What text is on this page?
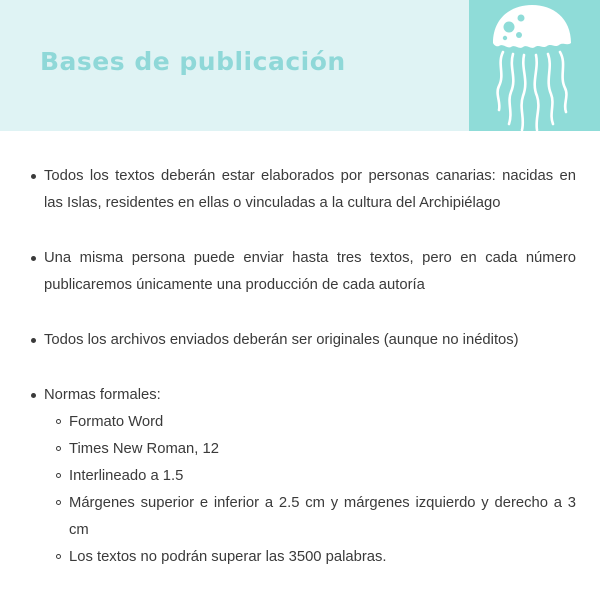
Bases de publicación
Todos los textos deberán estar elaborados por personas canarias: nacidas en las Islas, residentes en ellas o vinculadas a la cultura del Archipiélago
Una misma persona puede enviar hasta tres textos, pero en cada número publicaremos únicamente una producción de cada autoría
Todos los archivos enviados deberán ser originales (aunque no inéditos)
Normas formales:
Formato Word
Times New Roman, 12
Interlineado a 1.5
Márgenes superior e inferior a 2.5 cm y márgenes izquierdo y derecho a 3 cm
Los textos no podrán superar las 3500 palabras.
